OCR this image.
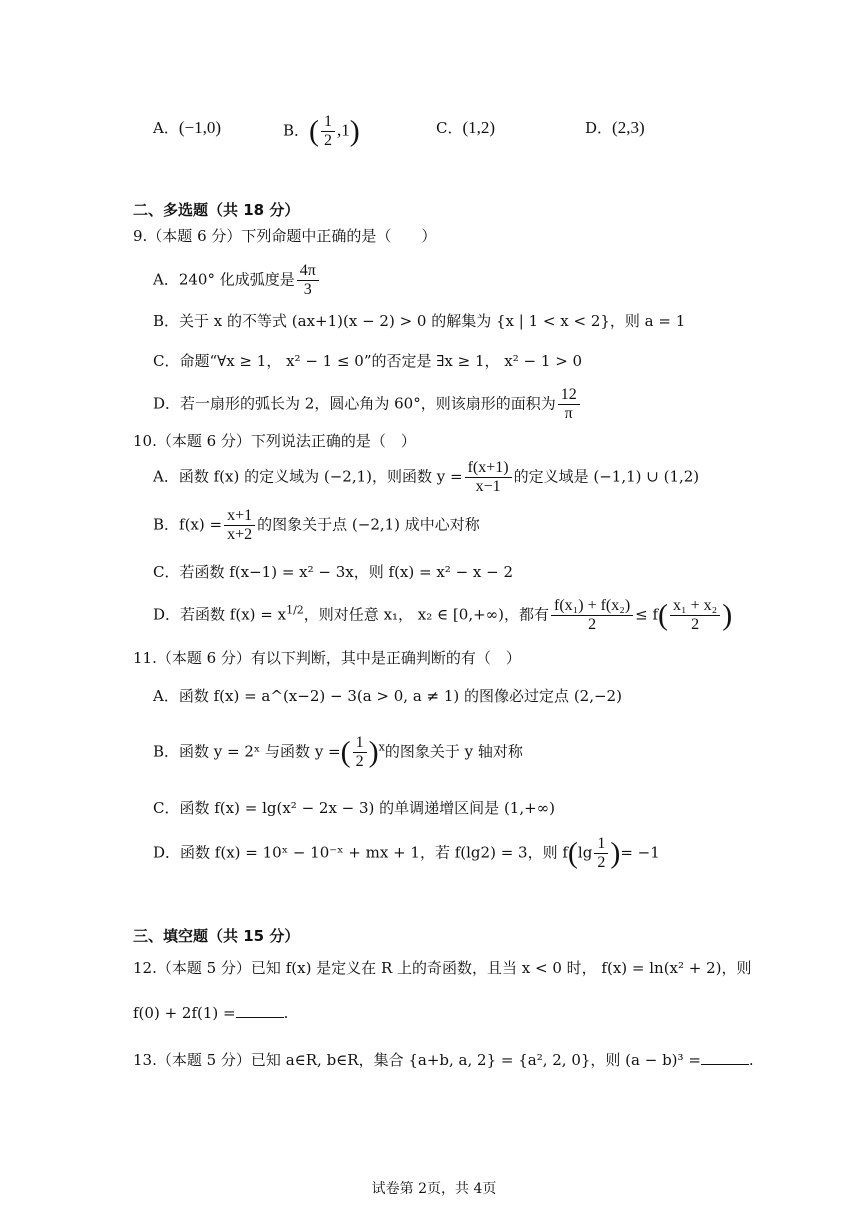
A．(−1,0)	B．( $\frac{1}{2} ,1$)	C．(1,2)	D．(2,3)
二、多选题（共 18 分）
9.（本题 6 分）下列命题中正确的是（　　）
A．240° 化成弧度是 $\frac{4\pi}{3}$
B．关于 x 的不等式 (ax+1)(x − 2) > 0 的解集为 {x | 1 < x < 2}，则 a = 1
C．命题“∀x ≥ 1， x² − 1 ≤ 0”的否定是 ∃x ≥ 1， x² − 1 > 0
D．若一扇形的弧长为 2，圆心角为 60°，则该扇形的面积为 $\frac{12}{\pi}$
10.（本题 6 分）下列说法正确的是（　）
A．函数 f(x) 的定义域为 (−2,1)，则函数 $y = \frac{f(x+1)}{x-1}$ 的定义域是 (−1,1) ∪ (1,2)
B．$f(x) = \frac{x+1}{x+2}$ 的图象关于点 (−2,1) 成中心对称
C．若函数 f(x−1) = x² − 3x，则 f(x) = x² − x − 2
D．若函数 $f(x) = x^{1/2}$，则对任意 x₁， x₂ ∈ [0,+∞)，都有 $\frac{\text{f(x₁) + f(x₂)}}{2} \le f( \frac{\text{x₁ + x₂}}{2}$ )
11.（本题 6 分）有以下判断，其中是正确判断的有（　）
A．函数 f(x) = a^(x−2) − 3(a > 0, a ≠ 1) 的图像必过定点 (2,−2)
B．函数 y = 2ˣ 与函数 y =( $\frac{1}{2} )^x$的图象关于 y 轴对称
C．函数 f(x) = lg(x² − 2x − 3) 的单调递增区间是 (1,+∞)
D．函数 f(x) = 10ˣ − 10⁻ˣ + mx + 1，若 f(lg2) = 3，则 $f(\lg \frac{1}{2}$ )= −1
三、填空题（共 15 分）
12.（本题 5 分）已知 f(x) 是定义在 R 上的奇函数，且当 x < 0 时， f(x) = ln(x² + 2)，则
f(0) + 2f(1) =	.
13.（本题 5 分）已知 a∈R, b∈R，集合 {a+b, a, 2} = {a², 2, 0}，则 (a − b)³ =	.
试卷第 2页，共 4页
